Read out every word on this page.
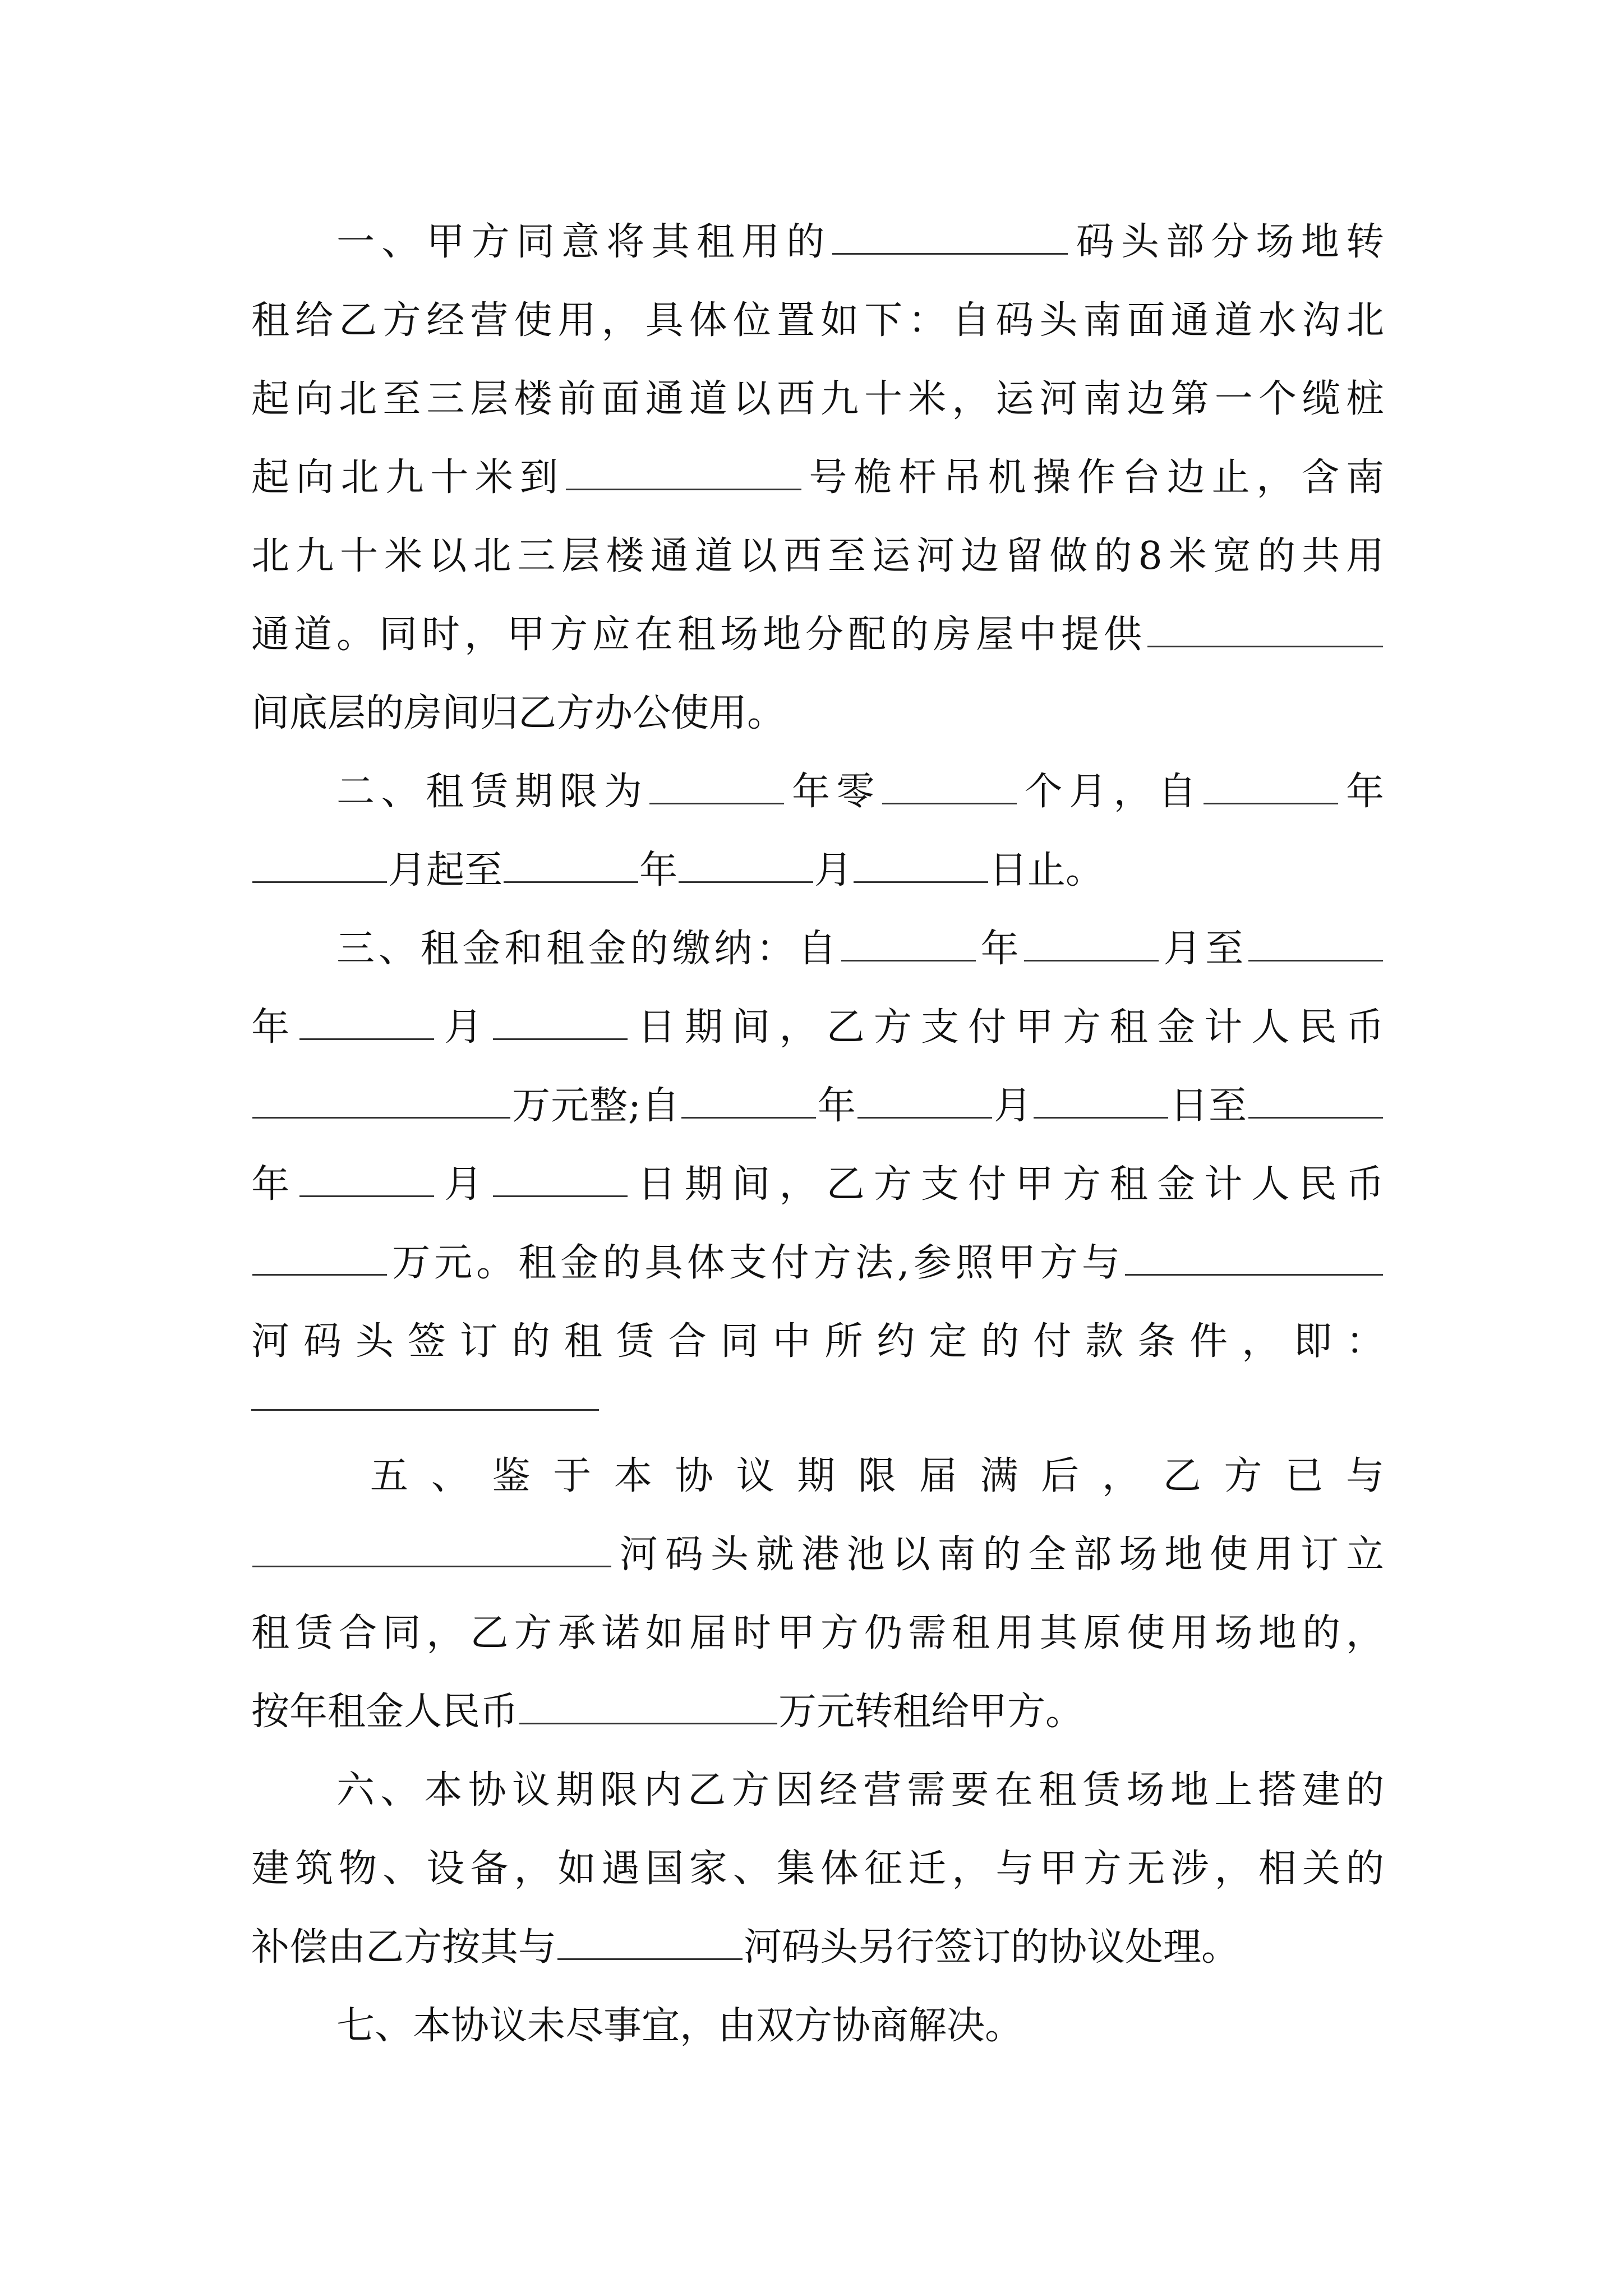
一、甲方同意将其租用的	码头部分场地转
租给乙方经营使用，具体位置如下：自码头南面通道水沟北
起向北至三层楼前面通道以西九十米，运河南边第一个缆桩
起向北九十米到	号桅杆吊机操作台边止，含南
北九十米以北三层楼通道以西至运河边留做的8米宽的共用
通道。同时，甲方应在租场地分配的房屋中提供
间底层的房间归乙方办公使用。
二、租赁期限为	年零	个月，自	年
月起至	年	月	日止。
三、租金和租金的缴纳：自	年	月至
年	月	日期间，乙方支付甲方租金计人民币
万元整;自	年	月	日至
年	月	日期间，乙方支付甲方租金计人民币
万元。租金的具体支付方法,参照甲方与
河码头签订的租赁合同中所约定的付款条件，即：
五、鉴于本协议期限届满后，乙方已与
河码头就港池以南的全部场地使用订立
租赁合同，乙方承诺如届时甲方仍需租用其原使用场地的，
按年租金人民币	万元转租给甲方。
六、本协议期限内乙方因经营需要在租赁场地上搭建的
建筑物、设备，如遇国家、集体征迁，与甲方无涉，相关的
补偿由乙方按其与	河码头另行签订的协议处理。
七、本协议未尽事宜，由双方协商解决。
